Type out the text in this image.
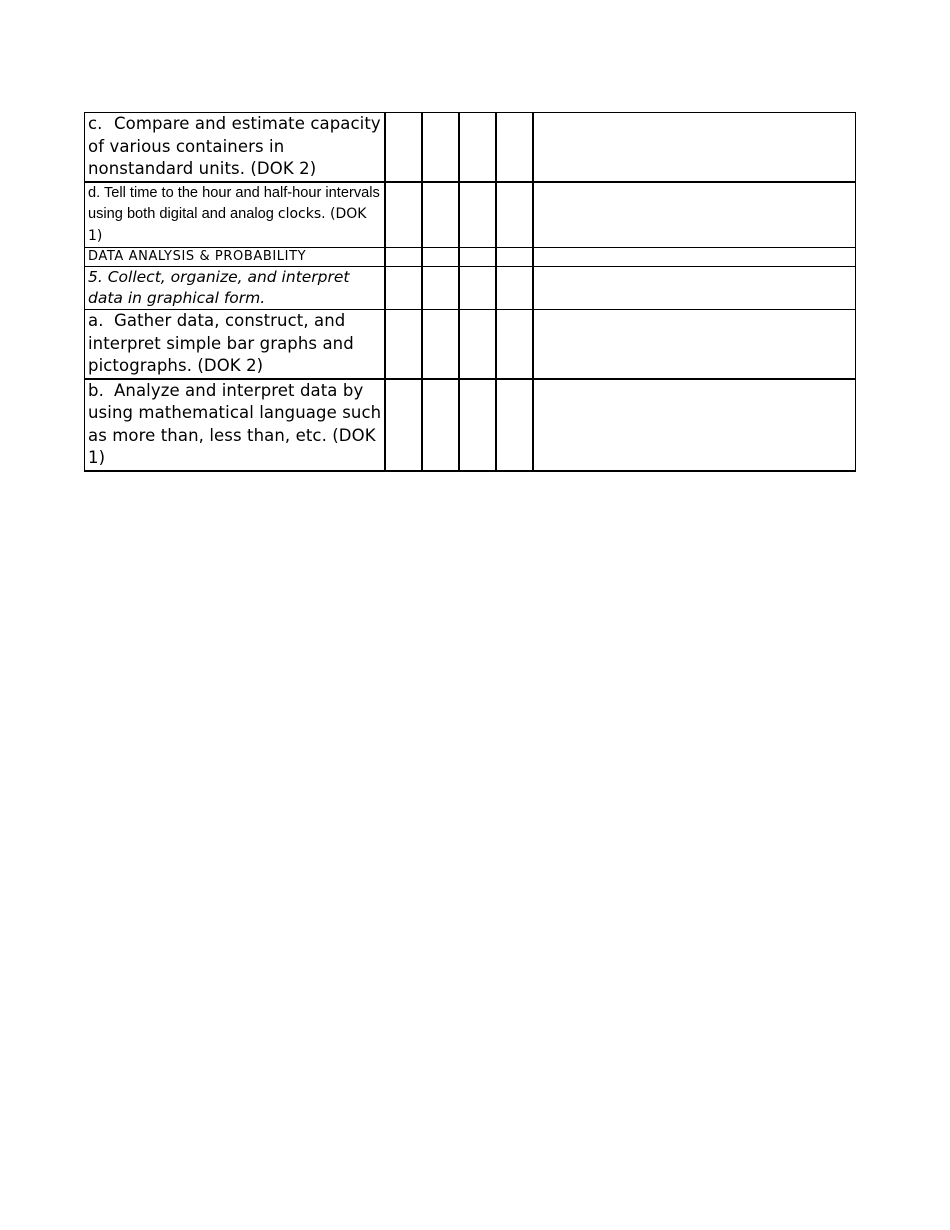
c. Compare and estimate capacity of various containers in nonstandard units. (DOK 2)					
d. Tell time to the hour and half-hour intervals using both digital and analog clocks. (DOK 1)					
DATA ANALYSIS & PROBABILITY					
5. Collect, organize, and interpret data in graphical form.					
a. Gather data, construct, and interpret simple bar graphs and pictographs. (DOK 2)					
b. Analyze and interpret data by using mathematical language such as more than, less than, etc. (DOK 1)					
